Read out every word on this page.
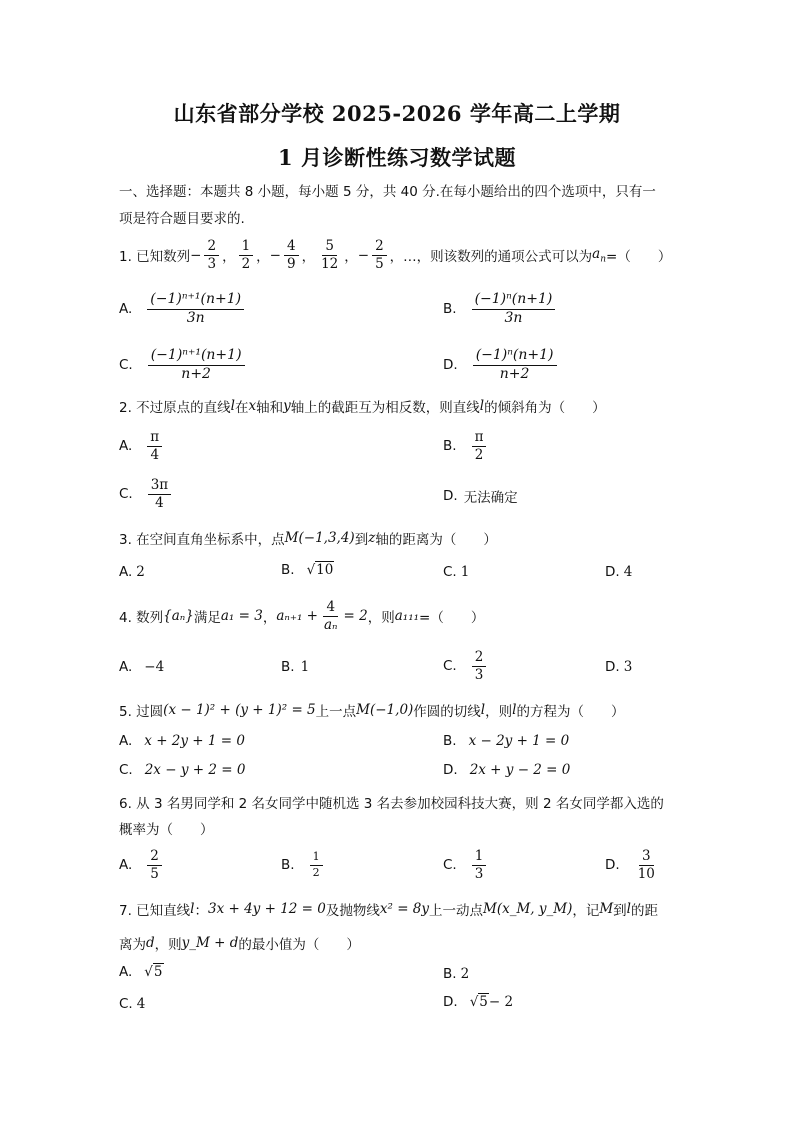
山东省部分学校 2025-2026 学年高二上学期
1 月诊断性练习数学试题
一、选择题：本题共 8 小题，每小题 5 分，共 40 分.在每小题给出的四个选项中，只有一
项是符合题目要求的.
1. 已知数列 − $\frac{2}{3}$ ， $\frac{1}{2}$ ， − $\frac{4}{9}$ ， $\frac{5}{12}$ ， − $\frac{2}{5}$ ，…，则该数列的通项公式可以为 $a_n$ =（　　）
A. $\frac{\text{(−1)ⁿ⁺¹(n+1)}}{3n}$	B. $\frac{\text{(−1)ⁿ(n+1)}}{3n}$
C. $\frac{\text{(−1)ⁿ⁺¹(n+1)}}{n+2}$	D. $\frac{\text{(−1)ⁿ(n+1)}}{n+2}$
2. 不过原点的直线 l 在 x 轴和 y 轴上的截距互为相反数，则直线 l 的倾斜角为（　　）
A. $\frac{\pi}{4}$	B. $\frac{\pi}{2}$
C. $\frac{3\pi}{4}$	D. 无法确定
3. 在空间直角坐标系中，点 M(−1,3,4) 到 z 轴的距离为（　　）
A. 2	B. √10	C. 1	D. 4
4. 数列 {aₙ} 满足 a₁ = 3 ， $a_{n+1} + \frac{4}{\text{aₙ}} = 2$ ，则 a₁₁₁ =（　　）
A. −4	B. 1	C. $\frac{2}{3}$	D. 3
5. 过圆 (x − 1)² + (y + 1)² = 5 上一点 M(−1,0) 作圆的切线 l ，则 l 的方程为（　　）
A. x + 2y + 1 = 0	B. x − 2y + 1 = 0
C. 2x − y + 2 = 0	D. 2x + y − 2 = 0
6. 从 3 名男同学和 2 名女同学中随机选 3 名去参加校园科技大赛，则 2 名女同学都入选的
概率为（　　）
A. $\frac{2}{5}$	B. $\frac{1}{2}$	C. $\frac{1}{3}$	D. $\frac{3}{10}$
7. 已知直线 l ： 3x + 4y + 12 = 0 及抛物线 x² = 8y 上一动点 M(x_M, y_M) ，记 M 到 l 的距
离为 d ，则 y_M + d 的最小值为（　　）
A. √5	B. 2
C. 4	D. √5 − 2
